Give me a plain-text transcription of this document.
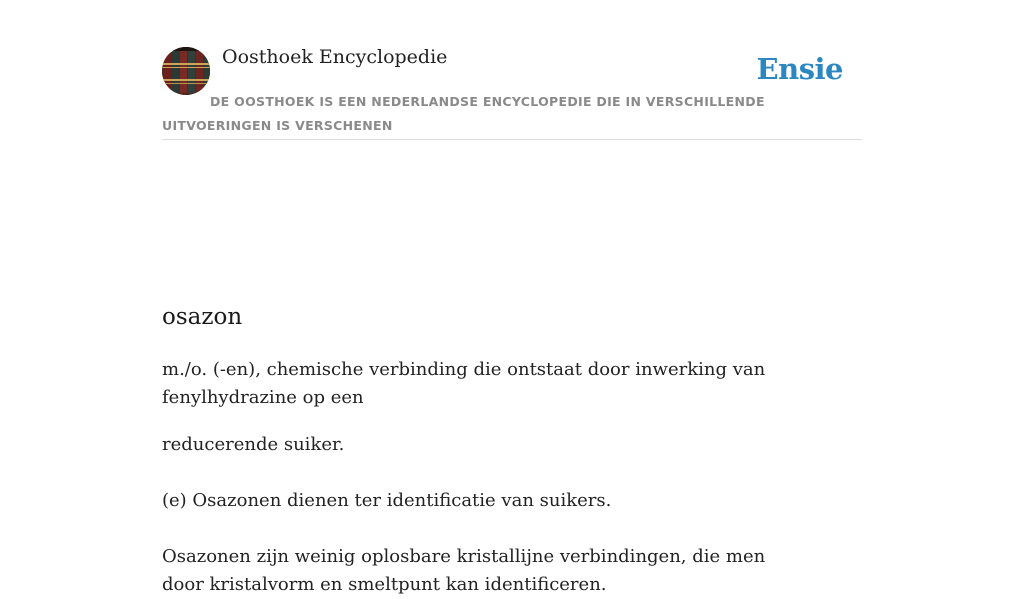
Oosthoek Encyclopedie	Ensie
DE OOSTHOEK IS EEN NEDERLANDSE ENCYCLOPEDIE DIE IN VERSCHILLENDE UITVOERINGEN IS VERSCHENEN
osazon

m./o. (-en), chemische verbinding die ontstaat door inwerking van fenylhydrazine op een

reducerende suiker.

(e) Osazonen dienen ter identificatie van suikers.

Osazonen zijn weinig oplosbare kristallijne verbindingen, die men door kristalvorm en smeltpunt kan identificeren.
